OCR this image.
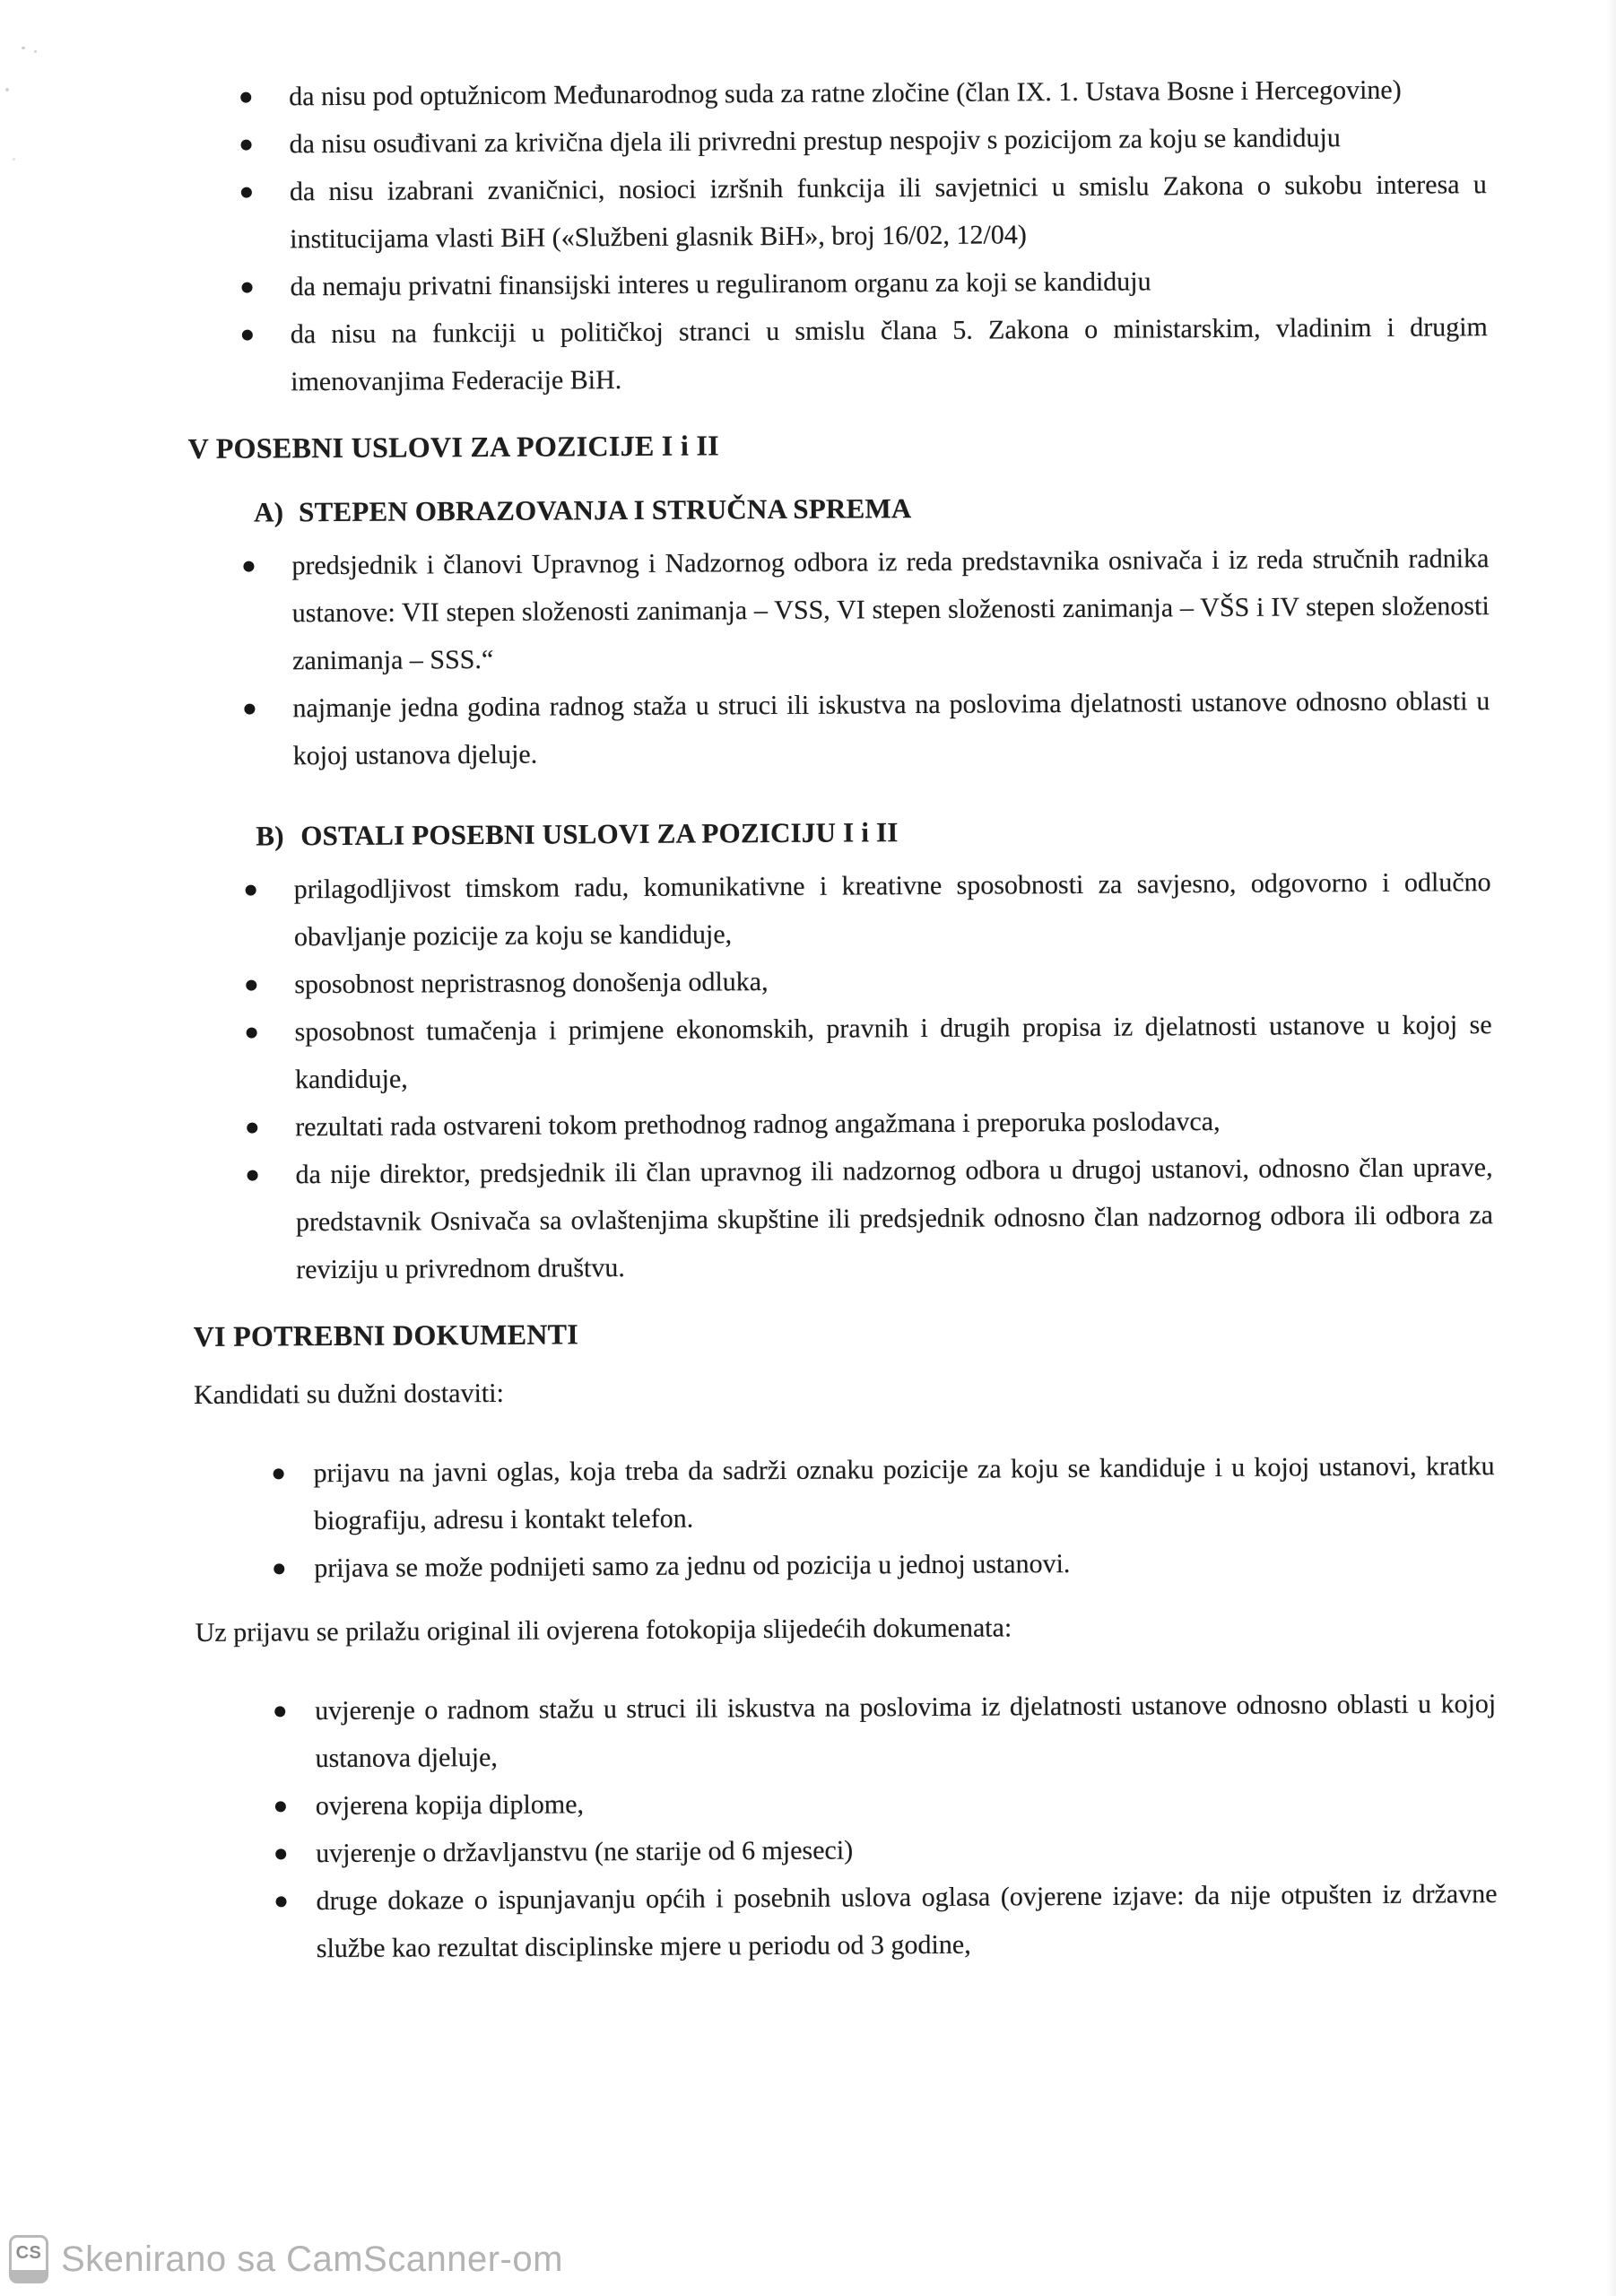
da nisu pod optužnicom Međunarodnog suda za ratne zločine (član IX. 1. Ustava Bosne i Hercegovine)
da nisu osuđivani za krivična djela ili privredni prestup nespojiv s pozicijom za koju se kandiduju
da nisu izabrani zvaničnici, nosioci izršnih funkcija ili savjetnici u smislu Zakona o sukobu interesa u institucijama vlasti BiH («Službeni glasnik BiH», broj 16/02, 12/04)
da nemaju privatni finansijski interes u reguliranom organu za koji se kandiduju
da nisu na funkciji u političkoj stranci u smislu člana 5. Zakona o ministarskim, vladinim i drugim imenovanjima Federacije BiH.
V POSEBNI USLOVI ZA POZICIJE I i II
A) STEPEN OBRAZOVANJA I STRUČNA SPREMA
predsjednik i članovi Upravnog i Nadzornog odbora iz reda predstavnika osnivača i iz reda stručnih radnika ustanove: VII stepen složenosti zanimanja – VSS, VI stepen složenosti zanimanja – VŠS i IV stepen složenosti zanimanja – SSS.“
najmanje jedna godina radnog staža u struci ili iskustva na poslovima djelatnosti ustanove odnosno oblasti u kojoj ustanova djeluje.
B) OSTALI POSEBNI USLOVI ZA POZICIJU I i II
prilagodljivost timskom radu, komunikativne i kreativne sposobnosti za savjesno, odgovorno i odlučno obavljanje pozicije za koju se kandiduje,
sposobnost nepristrasnog donošenja odluka,
sposobnost tumačenja i primjene ekonomskih, pravnih i drugih propisa iz djelatnosti ustanove u kojoj se kandiduje,
rezultati rada ostvareni tokom prethodnog radnog angažmana i preporuka poslodavca,
da nije direktor, predsjednik ili član upravnog ili nadzornog odbora u drugoj ustanovi, odnosno član uprave, predstavnik Osnivača sa ovlaštenjima skupštine ili predsjednik odnosno član nadzornog odbora ili odbora za reviziju u privrednom društvu.
VI POTREBNI DOKUMENTI

Kandidati su dužni dostaviti:

prijavu na javni oglas, koja treba da sadrži oznaku pozicije za koju se kandiduje i u kojoj ustanovi, kratku biografiju, adresu i kontakt telefon.
prijava se može podnijeti samo za jednu od pozicija u jednoj ustanovi.

Uz prijavu se prilažu original ili ovjerena fotokopija slijedećih dokumenata:

uvjerenje o radnom stažu u struci ili iskustva na poslovima iz djelatnosti ustanove odnosno oblasti u kojoj ustanova djeluje,
ovjerena kopija diplome,
uvjerenje o državljanstvu (ne starije od 6 mjeseci)
druge dokaze o ispunjavanju općih i posebnih uslova oglasa (ovjerene izjave: da nije otpušten iz državne službe kao rezultat disciplinske mjere u periodu od 3 godine,
CS Skenirano sa CamScanner-om
